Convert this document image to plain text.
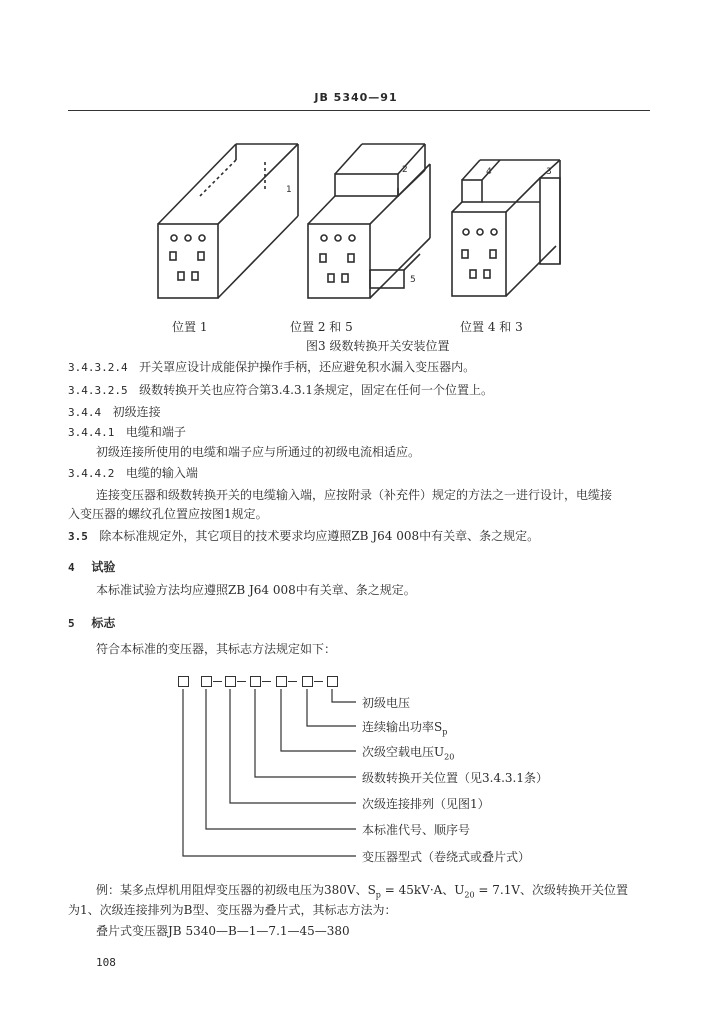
JB 5340—91
1
2
5
4	3
位置 1	位置 2 和 5	位置 4 和 3
图3 级数转换开关安装位置
3.4.3.2.4 开关罩应设计成能保护操作手柄，还应避免积水漏入变压器内。
3.4.3.2.5 级数转换开关也应符合第3.4.3.1条规定，固定在任何一个位置上。
3.4.4 初级连接
3.4.4.1 电缆和端子
初级连接所使用的电缆和端子应与所通过的初级电流相适应。
3.4.4.2 电缆的输入端
连接变压器和级数转换开关的电缆输入端，应按附录（补充件）规定的方法之一进行设计，电缆接
入变压器的螺纹孔位置应按图1规定。
3.5 除本标准规定外，其它项目的技术要求均应遵照ZB J64 008中有关章、条之规定。
4 试验
本标准试验方法均应遵照ZB J64 008中有关章、条之规定。
5 标志
符合本标准的变压器，其标志方法规定如下：
初级电压
连续输出功率$S_p$
次级空载电压$U_{20}$
级数转换开关位置（见3.4.3.1条）
次级连接排列（见图1）
本标准代号、顺序号
变压器型式（卷绕式或叠片式）
例：某多点焊机用阻焊变压器的初级电压为380V、$S_p = 45kV\cdot A$、$U_{20} = 7.1V$、次级转换开关位置
为1、次级连接排列为B型、变压器为叠片式，其标志方法为：
叠片式变压器JB 5340—B—1—7.1—45—380
108
